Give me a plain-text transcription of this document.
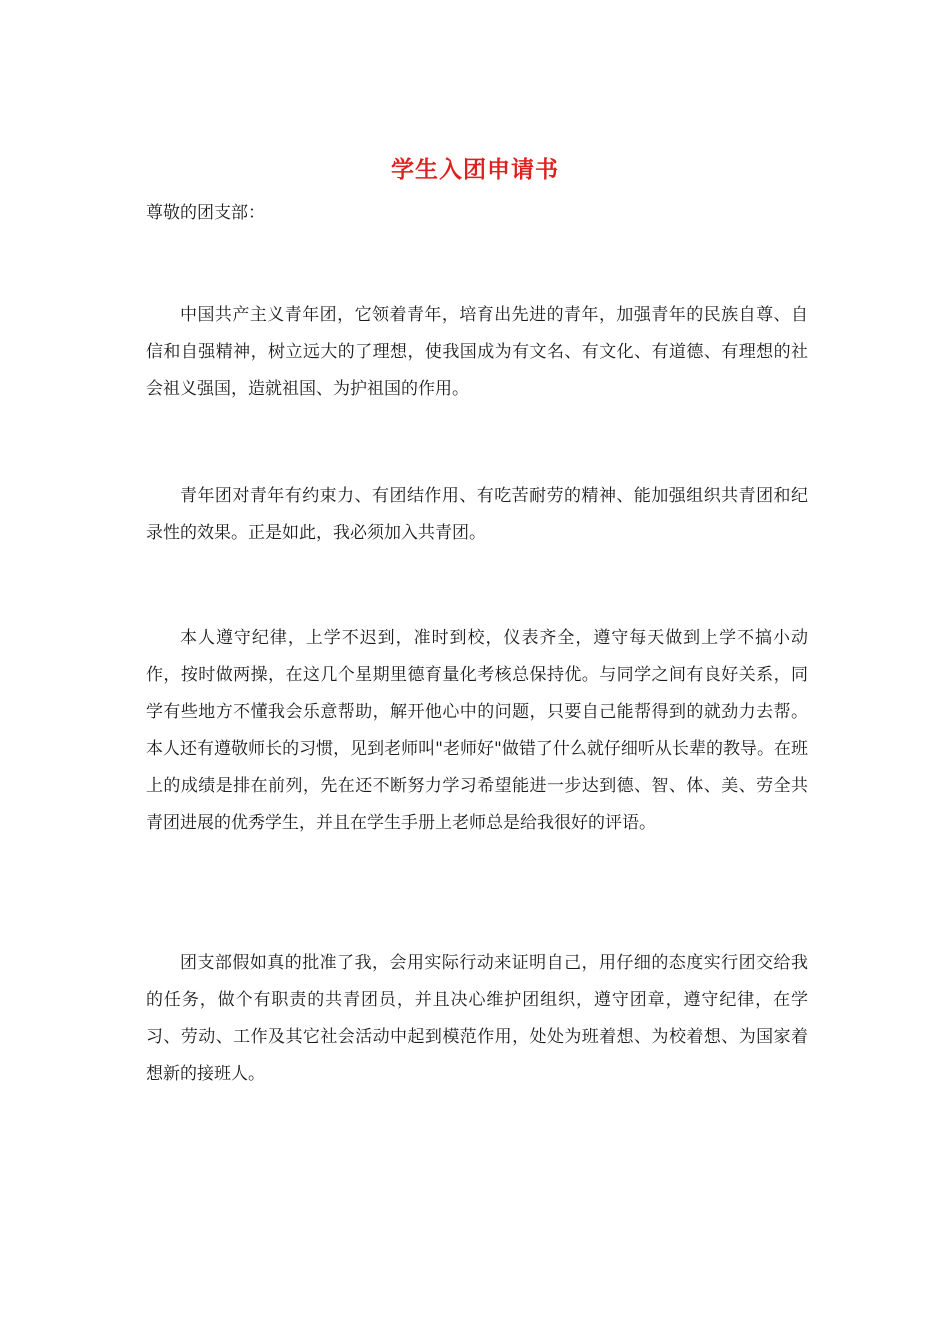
学生入团申请书
尊敬的团支部：

中国共产主义青年团，它领着青年，培育出先进的青年，加强青年的民族自尊、自信和自强精神，树立远大的了理想，使我国成为有文名、有文化、有道德、有理想的社会祖义强国，造就祖国、为护祖国的作用。

青年团对青年有约束力、有团结作用、有吃苦耐劳的精神、能加强组织共青团和纪录性的效果。正是如此，我必须加入共青团。

本人遵守纪律，上学不迟到，准时到校，仪表齐全，遵守每天做到上学不搞小动作，按时做两操，在这几个星期里德育量化考核总保持优。与同学之间有良好关系，同学有些地方不懂我会乐意帮助，解开他心中的问题，只要自己能帮得到的就劲力去帮。本人还有遵敬师长的习惯，见到老师叫"老师好"做错了什么就仔细听从长辈的教导。在班上的成绩是排在前列，先在还不断努力学习希望能进一步达到德、智、体、美、劳全共青团进展的优秀学生，并且在学生手册上老师总是给我很好的评语。

团支部假如真的批准了我，会用实际行动来证明自己，用仔细的态度实行团交给我的任务，做个有职责的共青团员，并且决心维护团组织，遵守团章，遵守纪律，在学习、劳动、工作及其它社会活动中起到模范作用，处处为班着想、为校着想、为国家着想新的接班人。
